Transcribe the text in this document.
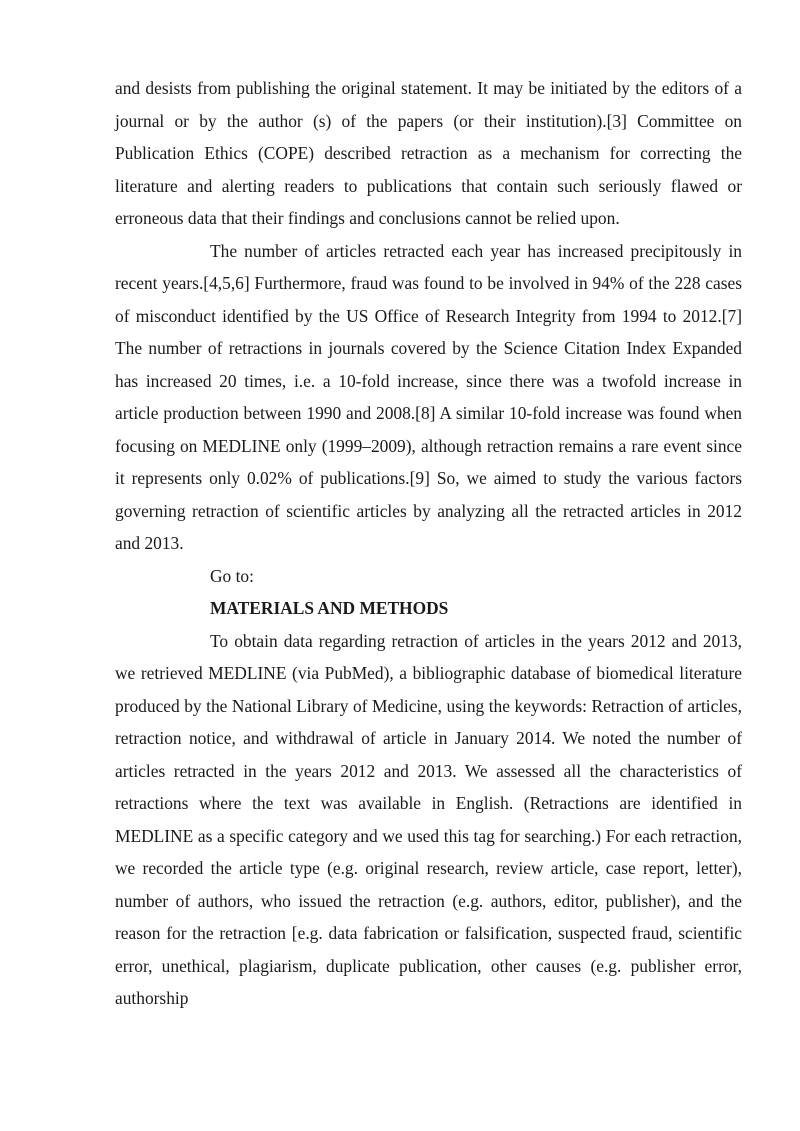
and desists from publishing the original statement. It may be initiated by the editors of a journal or by the author (s) of the papers (or their institution).[3] Committee on Publication Ethics (COPE) described retraction as a mechanism for correcting the literature and alerting readers to publications that contain such seriously flawed or erroneous data that their findings and conclusions cannot be relied upon.

The number of articles retracted each year has increased precipitously in recent years.[4,5,6] Furthermore, fraud was found to be involved in 94% of the 228 cases of misconduct identified by the US Office of Research Integrity from 1994 to 2012.[7] The number of retractions in journals covered by the Science Citation Index Expanded has increased 20 times, i.e. a 10-fold increase, since there was a twofold increase in article production between 1990 and 2008.[8] A similar 10-fold increase was found when focusing on MEDLINE only (1999–2009), although retraction remains a rare event since it represents only 0.02% of publications.[9] So, we aimed to study the various factors governing retraction of scientific articles by analyzing all the retracted articles in 2012 and 2013.

Go to:

MATERIALS AND METHODS

To obtain data regarding retraction of articles in the years 2012 and 2013, we retrieved MEDLINE (via PubMed), a bibliographic database of biomedical literature produced by the National Library of Medicine, using the keywords: Retraction of articles, retraction notice, and withdrawal of article in January 2014. We noted the number of articles retracted in the years 2012 and 2013. We assessed all the characteristics of retractions where the text was available in English. (Retractions are identified in MEDLINE as a specific category and we used this tag for searching.) For each retraction, we recorded the article type (e.g. original research, review article, case report, letter), number of authors, who issued the retraction (e.g. authors, editor, publisher), and the reason for the retraction [e.g. data fabrication or falsification, suspected fraud, scientific error, unethical, plagiarism, duplicate publication, other causes (e.g. publisher error, authorship
